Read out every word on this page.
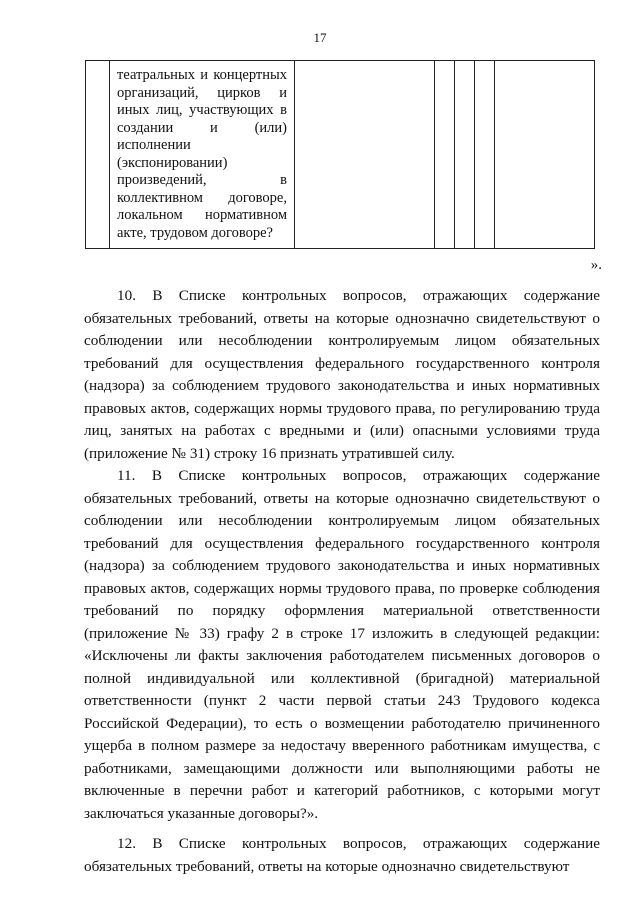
17
	театральных и концертных организаций, цирков и иных лиц, участвующих в создании и (или) исполнении (экспонировании) произведений, в коллективном договоре, локальном нормативном акте, трудовом договоре?					
».

10. В Списке контрольных вопросов, отражающих содержание обязательных требований, ответы на которые однозначно свидетельствуют о соблюдении или несоблюдении контролируемым лицом обязательных требований для осуществления федерального государственного контроля (надзора) за соблюдением трудового законодательства и иных нормативных правовых актов, содержащих нормы трудового права, по регулированию труда лиц, занятых на работах с вредными и (или) опасными условиями труда (приложение № 31) строку 16 признать утратившей силу.

11. В Списке контрольных вопросов, отражающих содержание обязательных требований, ответы на которые однозначно свидетельствуют о соблюдении или несоблюдении контролируемым лицом обязательных требований для осуществления федерального государственного контроля (надзора) за соблюдением трудового законодательства и иных нормативных правовых актов, содержащих нормы трудового права, по проверке соблюдения требований по порядку оформления материальной ответственности (приложение № 33) графу 2 в строке 17 изложить в следующей редакции: «Исключены ли факты заключения работодателем письменных договоров о полной индивидуальной или коллективной (бригадной) материальной ответственности (пункт 2 части первой статьи 243 Трудового кодекса Российской Федерации), то есть о возмещении работодателю причиненного ущерба в полном размере за недостачу вверенного работникам имущества, с работниками, замещающими должности или выполняющими работы не включенные в перечни работ и категорий работников, с которыми могут заключаться указанные договоры?».

12. В Списке контрольных вопросов, отражающих содержание обязательных требований, ответы на которые однозначно свидетельствуют
